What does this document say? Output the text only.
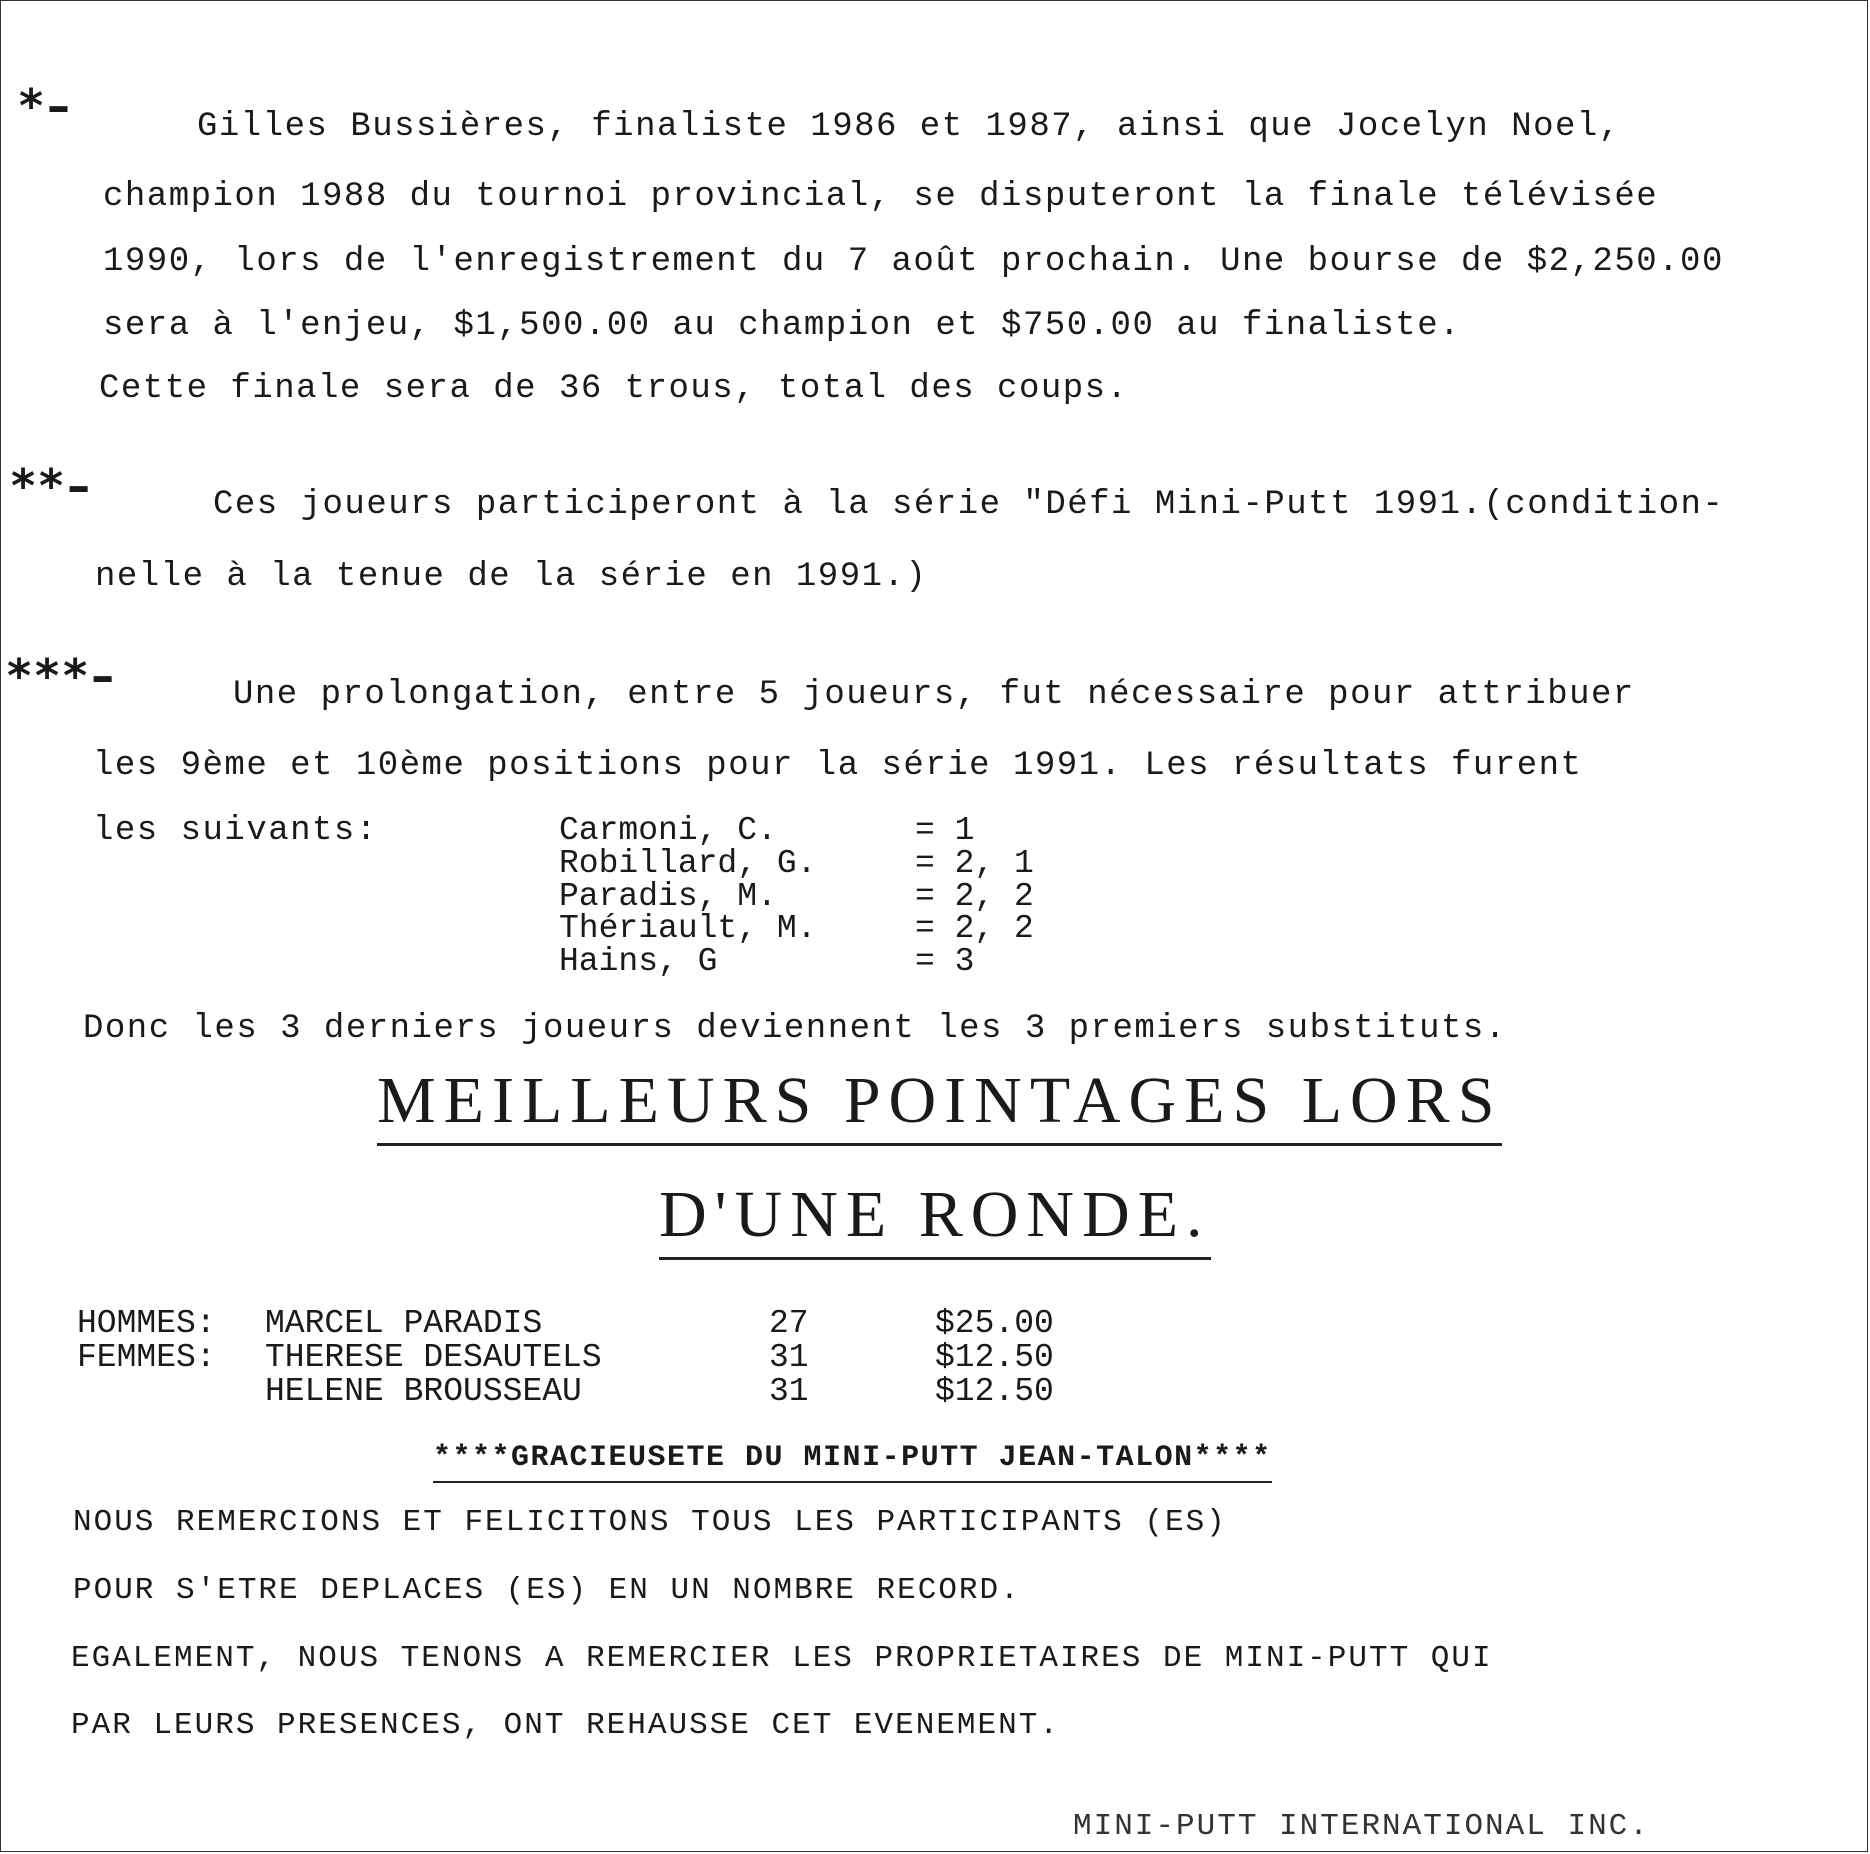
*–	Gilles Bussières, finaliste 1986 et 1987, ainsi que Jocelyn Noel,
champion 1988 du tournoi provincial, se disputeront la finale télévisée
1990, lors de l'enregistrement du 7 août prochain. Une bourse de $2,250.00
sera à l'enjeu, $1,500.00 au champion et $750.00 au finaliste.
Cette finale sera de 36 trous, total des coups.
**–	Ces joueurs participeront à la série "Défi Mini-Putt 1991.(condition-
nelle à la tenue de la série en 1991.)
***–	Une prolongation, entre 5 joueurs, fut nécessaire pour attribuer
les 9ème et 10ème positions pour la série 1991. Les résultats furent
les suivants:	Carmoni, C.	= 1
Robillard, G.	= 2, 1
Paradis, M.	= 2, 2
Thériault, M.	= 2, 2
Hains, G	= 3
Donc les 3 derniers joueurs deviennent les 3 premiers substituts.
MEILLEURS POINTAGES LORS
D'UNE RONDE.
HOMMES: MARCEL PARADIS	27	$25.00
FEMMES: THERESE DESAUTELS	31	$12.50
HELENE BROUSSEAU	31	$12.50
****GRACIEUSETE DU MINI-PUTT JEAN-TALON****
NOUS REMERCIONS ET FELICITONS TOUS LES PARTICIPANTS (ES)
POUR S'ETRE DEPLACES (ES) EN UN NOMBRE RECORD.
EGALEMENT, NOUS TENONS A REMERCIER LES PROPRIETAIRES DE MINI-PUTT QUI
PAR LEURS PRESENCES, ONT REHAUSSE CET EVENEMENT.
MINI-PUTT INTERNATIONAL INC.
